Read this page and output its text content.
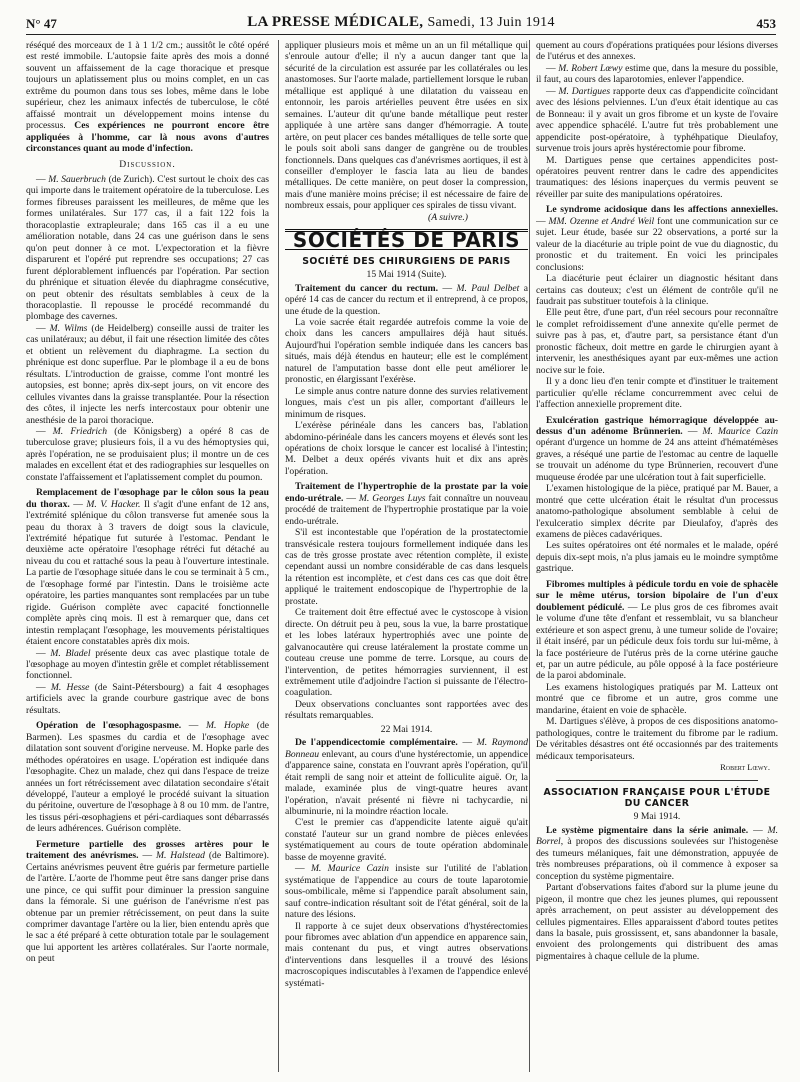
N° 47	LA PRESSE MÉDICALE, Samedi, 13 Juin 1914	453

réséqué des morceaux de 1 à 1 1/2 cm.; aussitôt le côté opéré est resté immobile. L'autopsie faite après des mois a donné souvent un affaissement de la cage thoracique et presque toujours un aplatissement plus ou moins complet, en un cas extrême du poumon dans tous ses lobes, même dans le lobe supérieur, chez les animaux infectés de tuberculose, le côté affaissé montrait un développement moins intense du processus. Ces expériences ne pourront encore être appliquées à l'homme, car là nous avons d'autres circonstances quant au mode d'infection.

Discussion.

— M. Sauerbruch (de Zurich). C'est surtout le choix des cas qui importe dans le traitement opératoire de la tuberculose. Les formes fibreuses paraissent les meilleures, de même que les formes unilatérales. Sur 177 cas, il a fait 122 fois la thoracoplastie extrapleurale; dans 165 cas il a eu une amélioration notable, dans 24 cas une guérison dans le sens qu'on peut donner à ce mot. L'expectoration et la fièvre disparurent et l'opéré put reprendre ses occupations; 27 cas furent déplorablement influencés par l'opération. Par section du phrénique et situation élevée du diaphragme consécutive, on peut obtenir des résultats semblables à ceux de la thoracoplastie. Il repousse le procédé recommandé du plombage des cavernes.

— M. Wilms (de Heidelberg) conseille aussi de traiter les cas unilatéraux; au début, il fait une résection limitée des côtes et obtient un relèvement du diaphragme. La section du phrénique est donc superflue. Par le plombage il a eu de bons résultats. L'introduction de graisse, comme l'ont montré les autopsies, est bonne; après dix-sept jours, on vit encore des cellules vivantes dans la graisse transplantée. Pour la résection des côtes, il injecte les nerfs intercostaux pour obtenir une anesthésie de la paroi thoracique.

— M. Friedrich (de Königsberg) a opéré 8 cas de tuberculose grave; plusieurs fois, il a vu des hémoptysies qui, après l'opération, ne se produisaient plus; il montre un de ces malades en excellent état et des radiographies sur lesquelles on constate l'affaissement et l'aplatissement complet du poumon.

Remplacement de l'œsophage par le côlon sous la peau du thorax. — M. V. Hacker. Il s'agit d'une enfant de 12 ans, l'extrémité splénique du côlon transverse fut amenée sous la peau du thorax à 3 travers de doigt sous la clavicule, l'extrémité hépatique fut suturée à l'estomac. Pendant le deuxième acte opératoire l'œsophage rétréci fut détaché au niveau du cou et rattaché sous la peau à l'ouverture intestinale. La partie de l'œsophage située dans le cou se terminait à 5 cm., de l'œsophage formé par l'intestin. Dans le troisième acte opératoire, les parties manquantes sont remplacées par un tube rigide. Guérison complète avec capacité fonctionnelle complète après cinq mois. Il est à remarquer que, dans cet intestin remplaçant l'œsophage, les mouvements péristaltiques étaient encore constatables après dix mois.

— M. Bladel présente deux cas avec plastique totale de l'œsophage au moyen d'intestin grêle et complet rétablissement fonctionnel.

— M. Hesse (de Saint-Pétersbourg) a fait 4 œsophages artificiels avec la grande courbure gastrique avec de bons résultats.

Opération de l'œsophagospasme. — M. Hopke (de Barmen). Les spasmes du cardia et de l'œsophage avec dilatation sont souvent d'origine nerveuse. M. Hopke parle des méthodes opératoires en usage. L'opération est indiquée dans l'œsophagite. Chez un malade, chez qui dans l'espace de treize années un fort rétrécissement avec dilatation secondaire s'était développé, l'auteur a employé le procédé suivant la situation du péritoine, ouverture de l'œsophage à 8 ou 10 mm. de l'antre, les tissus péri-œsophagiens et péri-cardiaques sont débarrassés de leurs adhérences. Guérison complète.

Fermeture partielle des grosses artères pour le traitement des anévrismes. — M. Halstead (de Baltimore). Certains anévrismes peuvent être guéris par fermeture partielle de l'artère. L'aorte de l'homme peut être sans danger prise dans une pince, ce qui suffit pour diminuer la pression sanguine dans la fémorale. Si une guérison de l'anévrisme n'est pas obtenue par un premier rétrécissement, on peut dans la suite comprimer davantage l'artère ou la lier, bien entendu après que le sac a été préparé à cette obturation totale par le soulagement que lui apportent les artères collatérales. Sur l'aorte normale, on peut

appliquer plusieurs mois et même un an un fil métallique qui s'enroule autour d'elle; il n'y a aucun danger tant que la sécurité de la circulation est assurée par les collatérales ou les anastomoses. Sur l'aorte malade, partiellement lorsque le ruban métallique est appliqué à une dilatation du vaisseau en entonnoir, les parois artérielles peuvent être usées en six semaines. L'auteur dit qu'une bande métallique peut rester appliquée à une artère sans danger d'hémorragie. A toute artère, on peut placer ces bandes métalliques de telle sorte que le pouls soit aboli sans danger de gangrène ou de troubles fonctionnels. Dans quelques cas d'anévrismes aortiques, il est à conseiller d'employer le fascia lata au lieu de bandes métalliques. De cette manière, on peut doser la compression, mais d'une manière moins précise; il est nécessaire de faire de nombreux essais, pour appliquer ces spirales de tissu vivant.

(A suivre.)

SOCIÉTÉS DE PARIS
SOCIÉTÉ DES CHIRURGIENS DE PARIS

15 Mai 1914 (Suite).

Traitement du cancer du rectum. — M. Paul Delbet a opéré 14 cas de cancer du rectum et il entreprend, à ce propos, une étude de la question.

La voie sacrée était regardée autrefois comme la voie de choix dans les cancers ampullaires déjà haut situés. Aujourd'hui l'opération semble indiquée dans les cancers bas situés, mais déjà étendus en hauteur; elle est le complément naturel de l'amputation basse dont elle peut améliorer le pronostic, en élargissant l'exérèse.

Le simple anus contre nature donne des survies relativement longues, mais c'est un pis aller, comportant d'ailleurs le minimum de risques.

L'exérèse périnéale dans les cancers bas, l'ablation abdomino-périnéale dans les cancers moyens et élevés sont les opérations de choix lorsque le cancer est localisé à l'intestin; M. Delbet a deux opérés vivants huit et dix ans après l'opération.

Traitement de l'hypertrophie de la prostate par la voie endo-urétrale. — M. Georges Luys fait connaître un nouveau procédé de traitement de l'hypertrophie prostatique par la voie endo-urétrale.

S'il est incontestable que l'opération de la prostatectomie transvésicale restera toujours formellement indiquée dans les cas de très grosse prostate avec rétention complète, il existe cependant aussi un nombre considérable de cas dans lesquels la rétention est incomplète, et c'est dans ces cas que doit être appliqué le traitement endoscopique de l'hypertrophie de la prostate.

Ce traitement doit être effectué avec le cystoscope à vision directe. On détruit peu à peu, sous la vue, la barre prostatique et les lobes latéraux hypertrophiés avec une pointe de galvanocautère qui creuse latéralement la prostate comme un couteau creuse une pomme de terre. Lorsque, au cours de l'intervention, de petites hémorragies surviennent, il est extrêmement utile d'adjoindre l'action si puissante de l'électro-coagulation.

Deux observations concluantes sont rapportées avec des résultats remarquables.

22 Mai 1914.

De l'appendicectomie complémentaire. — M. Raymond Bonneau enlevant, au cours d'une hystérectomie, un appendice d'apparence saine, constata en l'ouvrant après l'opération, qu'il était rempli de sang noir et atteint de folliculite aiguë. Or, la malade, examinée plus de vingt-quatre heures avant l'opération, n'avait présenté ni fièvre ni tachycardie, ni albuminurie, ni la moindre réaction locale.

C'est le premier cas d'appendicite latente aiguë qu'ait constaté l'auteur sur un grand nombre de pièces enlevées systématiquement au cours de toute opération abdominale basse de moyenne gravité.

— M. Maurice Cazin insiste sur l'utilité de l'ablation systématique de l'appendice au cours de toute laparotomie sous-ombilicale, même si l'appendice paraît absolument sain, sauf contre-indication résultant soit de l'état général, soit de la nature des lésions.

Il rapporte à ce sujet deux observations d'hystérectomies pour fibromes avec ablation d'un appendice en apparence sain, mais contenant du pus, et vingt autres observations d'interventions dans lesquelles il a trouvé des lésions macroscopiques indiscutables à l'examen de l'appendice enlevé systémati-

quement au cours d'opérations pratiquées pour lésions diverses de l'utérus et des annexes.

— M. Robert Lœwy estime que, dans la mesure du possible, il faut, au cours des laparotomies, enlever l'appendice.

— M. Dartigues rapporte deux cas d'appendicite coïncidant avec des lésions pelviennes. L'un d'eux était identique au cas de Bonneau: il y avait un gros fibrome et un kyste de l'ovaire avec appendice sphacélé. L'autre fut très probablement une appendicite post-opératoire, à typhéhpatique Dieulafoy, survenue trois jours après hystérectomie pour fibrome.

M. Dartigues pense que certaines appendicites post-opératoires peuvent rentrer dans le cadre des appendicites traumatiques: des lésions inaperçues du vermis peuvent se réveiller par suite des manipulations opératoires.

Le syndrome acidosique dans les affections annexielles. — MM. Ozenne et André Weil font une communication sur ce sujet. Leur étude, basée sur 22 observations, a porté sur la valeur de la diacéturie au triple point de vue du diagnostic, du pronostic et du traitement. En voici les principales conclusions:

La diacéturie peut éclairer un diagnostic hésitant dans certains cas douteux; c'est un élément de contrôle qu'il ne faudrait pas substituer toutefois à la clinique.

Elle peut être, d'une part, d'un réel secours pour reconnaître le complet refroidissement d'une annexite qu'elle permet de suivre pas à pas, et, d'autre part, sa persistance étant d'un pronostic fâcheux, doit mettre en garde le chirurgien ayant à intervenir, les anesthésiques ayant par eux-mêmes une action nocive sur le foie.

Il y a donc lieu d'en tenir compte et d'instituer le traitement particulier qu'elle réclame concurremment avec celui de l'affection annexielle proprement dite.

Exulcération gastrique hémorragique développée au-dessus d'un adénome Brünnerien. — M. Maurice Cazin opérant d'urgence un homme de 24 ans atteint d'hématémèses graves, a réséqué une partie de l'estomac au centre de laquelle se trouvait un adénome du type Brünnerien, recouvert d'une muqueuse érodée par une ulcération tout à fait superficielle.

L'examen histologique de la pièce, pratiqué par M. Bauer, a montré que cette ulcération était le résultat d'un processus anatomo-pathologique absolument semblable à celui de l'exulceratio simplex décrite par Dieulafoy, d'après des examens de pièces cadavériques.

Les suites opératoires ont été normales et le malade, opéré depuis dix-sept mois, n'a plus jamais eu le moindre symptôme gastrique.

Fibromes multiples à pédicule tordu en voie de sphacèle sur le même utérus, torsion bipolaire de l'un d'eux doublement pédiculé. — Le plus gros de ces fibromes avait le volume d'une tête d'enfant et ressemblait, vu sa blancheur extérieure et son aspect grenu, à une tumeur solide de l'ovaire; il était inséré, par un pédicule deux fois tordu sur lui-même, à la face postérieure de l'utérus près de la corne utérine gauche et, par un autre pédicule, au pôle opposé à la face postérieure de la paroi abdominale.

Les examens histologiques pratiqués par M. Latteux ont montré que ce fibrome et un autre, gros comme une mandarine, étaient en voie de sphacèle.

M. Dartigues s'élève, à propos de ces dispositions anatomo-pathologiques, contre le traitement du fibrome par le radium. De véritables désastres ont été occasionnés par des traitements médicaux temporisateurs.

Robert Lœwy.

ASSOCIATION FRANÇAISE POUR L'ÉTUDE DU CANCER

9 Mai 1914.

Le système pigmentaire dans la série animale. — M. Borrel, à propos des discussions soulevées sur l'histogenèse des tumeurs mélaniques, fait une démonstration, appuyée de très nombreuses préparations, où il commence à exposer sa conception du système pigmentaire.

Partant d'observations faites d'abord sur la plume jeune du pigeon, il montre que chez les jeunes plumes, qui repoussent après arrachement, on peut assister au développement des cellules pigmentaires. Elles apparaissent d'abord toutes petites dans la basale, puis grossissent, et, sans abandonner la basale, envoient des prolongements qui distribuent des amas pigmentaires à chaque cellule de la plume.
